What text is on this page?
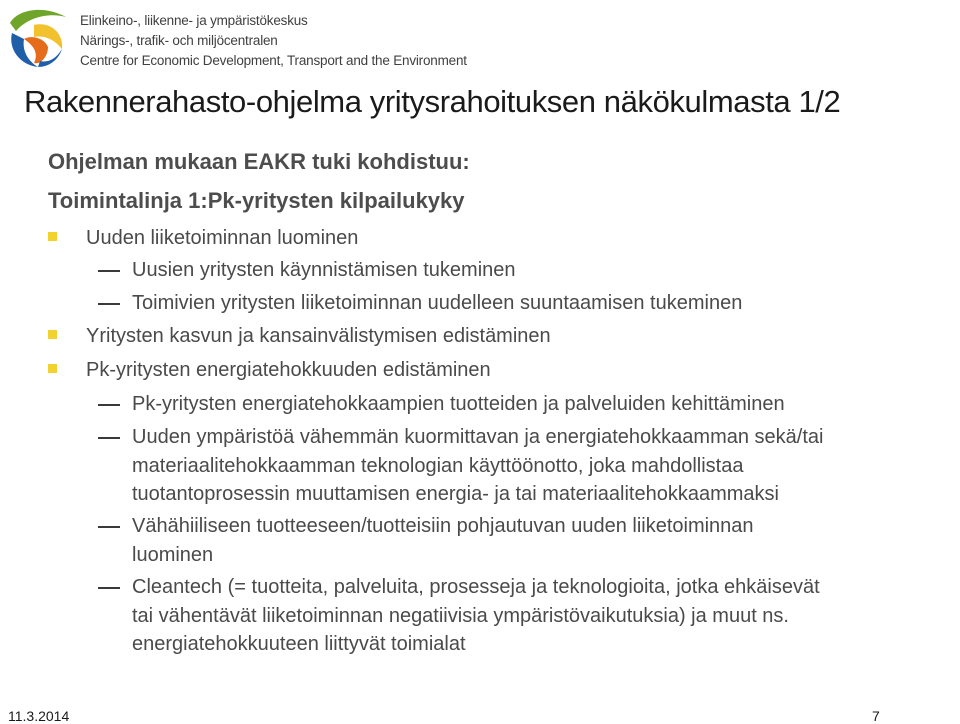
Elinkeino-, liikenne- ja ympäristökeskus
Närings-, trafik- och miljöcentralen
Centre for Economic Development, Transport and the Environment
Rakennerahasto-ohjelma yritysrahoituksen näkökulmasta 1/2
Ohjelman mukaan EAKR tuki kohdistuu:
Toimintalinja 1:Pk-yritysten kilpailukyky
Uuden liiketoiminnan luominen
Uusien yritysten käynnistämisen tukeminen
Toimivien yritysten liiketoiminnan uudelleen suuntaamisen tukeminen
Yritysten kasvun ja kansainvälistymisen edistäminen
Pk-yritysten energiatehokkuuden edistäminen
Pk-yritysten energiatehokkaampien tuotteiden ja palveluiden kehittäminen
Uuden ympäristöä vähemmän kuormittavan ja energiatehokkaamman sekä/tai
materiaalitehokkaamman teknologian käyttöönotto, joka mahdollistaa
tuotantoprosessin muuttamisen energia- ja tai materiaalitehokkaammaksi
Vähähiiliseen tuotteeseen/tuotteisiin pohjautuvan uuden liiketoiminnan
luominen
Cleantech (= tuotteita, palveluita, prosesseja ja teknologioita, jotka ehkäisevät
tai vähentävät liiketoiminnan negatiivisia ympäristövaikutuksia) ja muut ns.
energiatehokkuuteen liittyvät toimialat
11.3.2014	7
